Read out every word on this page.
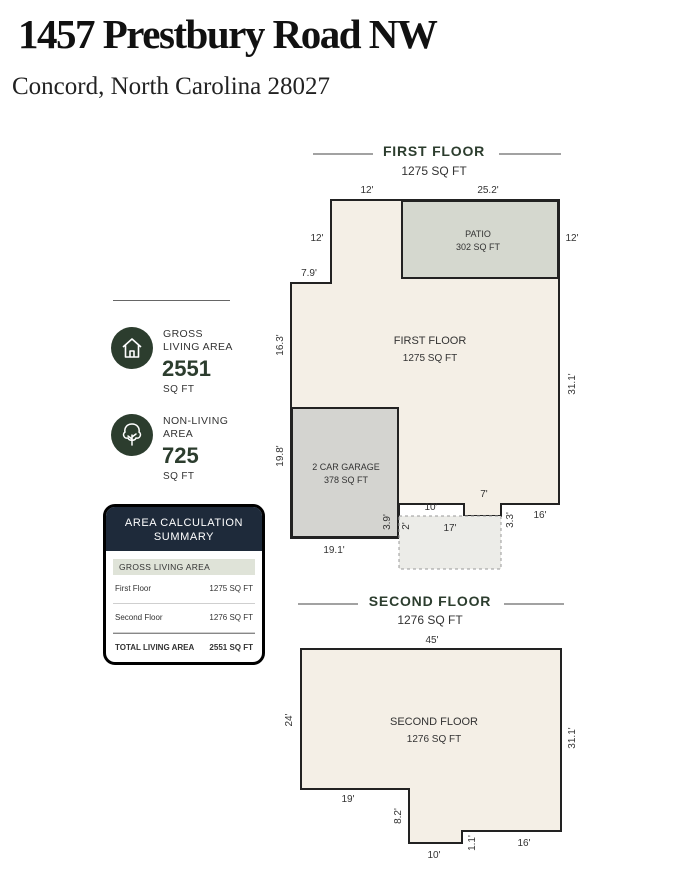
1457 Prestbury Road NW
Concord, North Carolina 28027
GROSS
LIVING AREA
2551
SQ FT
NON-LIVING
AREA
725
SQ FT
AREA CALCULATION
SUMMARY
GROSS LIVING AREA
First Floor	1275 SQ FT
Second Floor	1276 SQ FT
TOTAL LIVING AREA 2551 SQ FT
FIRST FLOOR
1275 SQ FT
PATIO
302 SQ FT
FIRST FLOOR
1275 SQ FT
2 CAR GARAGE
378 SQ FT
12'	25.2'
12'	12'
7.9'
16.3'
31.1'
19.8'
19.1'
3.9'
10'
7'
2'	17'
3.3' 16'
SECOND FLOOR
1276 SQ FT
SECOND FLOOR
1276 SQ FT
45'
24'
31.1'
19'
8.2'
10'
1.1'	16'
